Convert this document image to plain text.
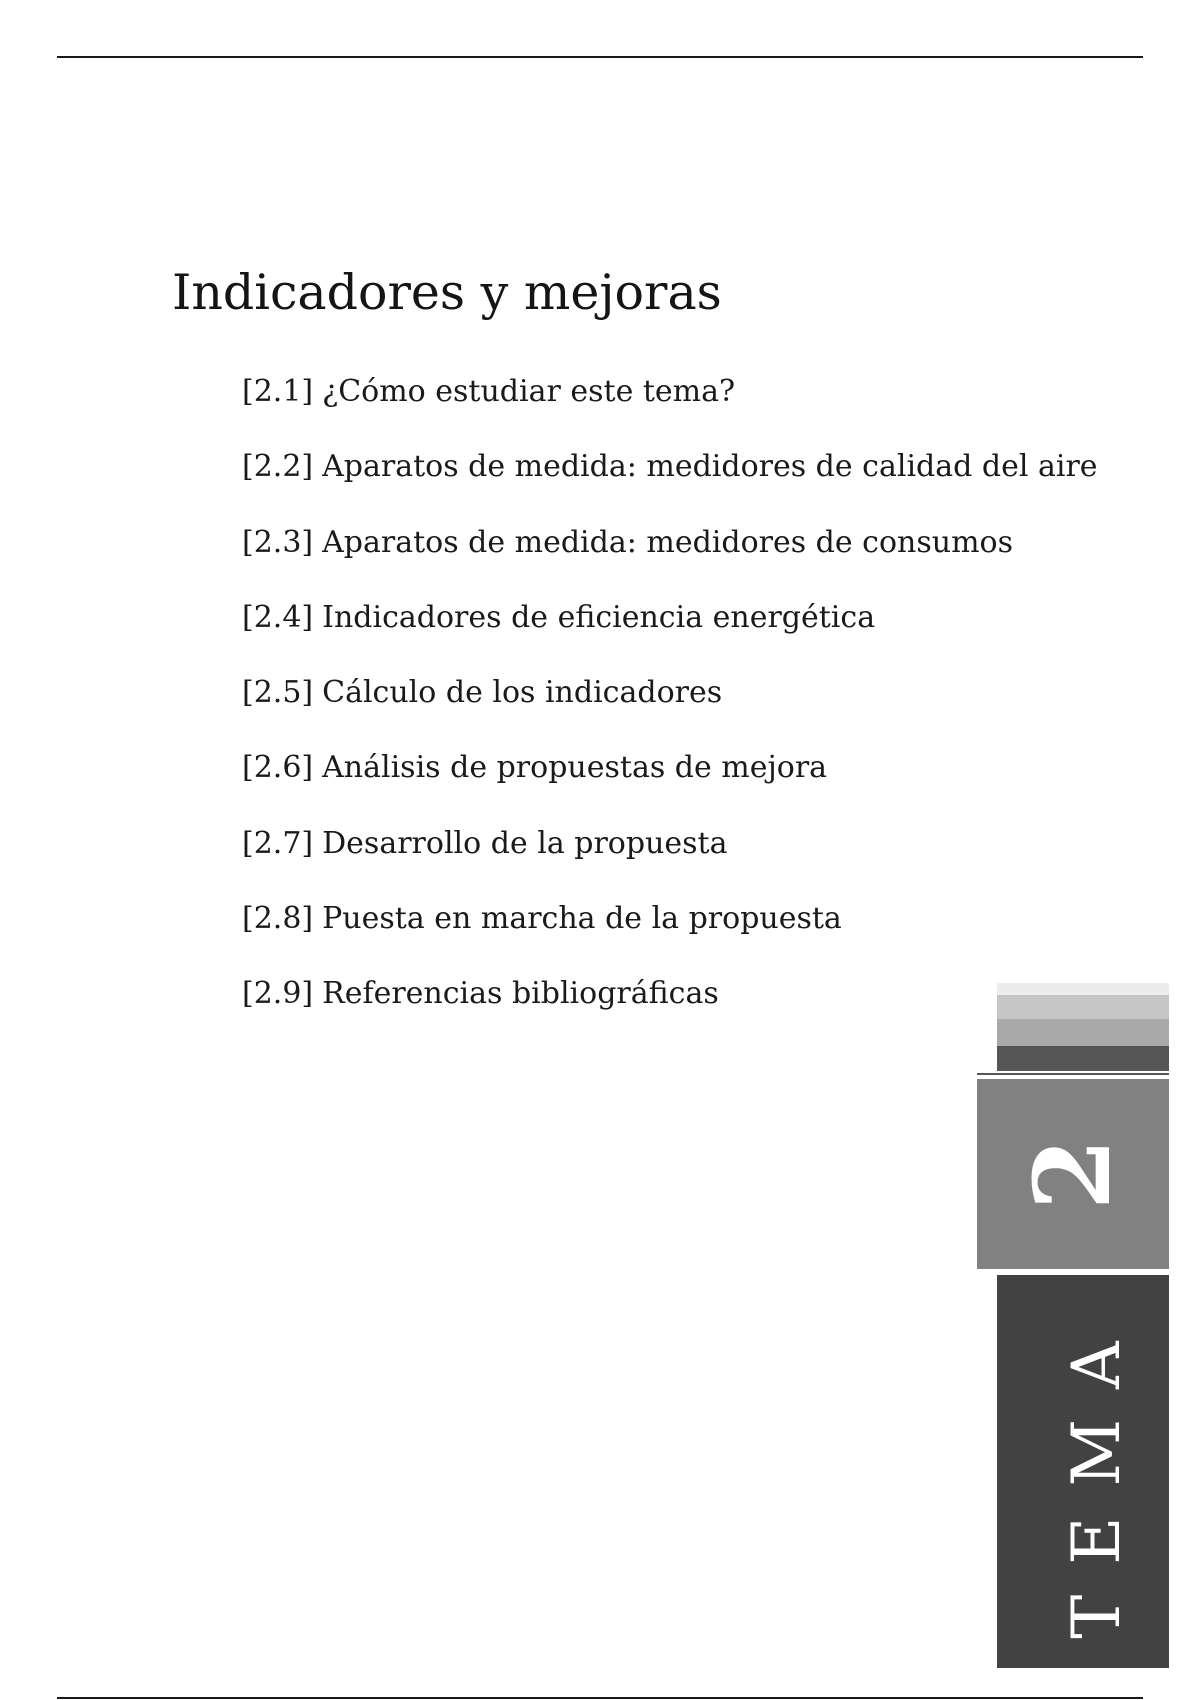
Indicadores y mejoras
[2.1] ¿Cómo estudiar este tema?
[2.2] Aparatos de medida: medidores de calidad del aire
[2.3] Aparatos de medida: medidores de consumos
[2.4] Indicadores de eficiencia energética
[2.5] Cálculo de los indicadores
[2.6] Análisis de propuestas de mejora
[2.7] Desarrollo de la propuesta
[2.8] Puesta en marcha de la propuesta
[2.9] Referencias bibliográficas
2
TEMA
